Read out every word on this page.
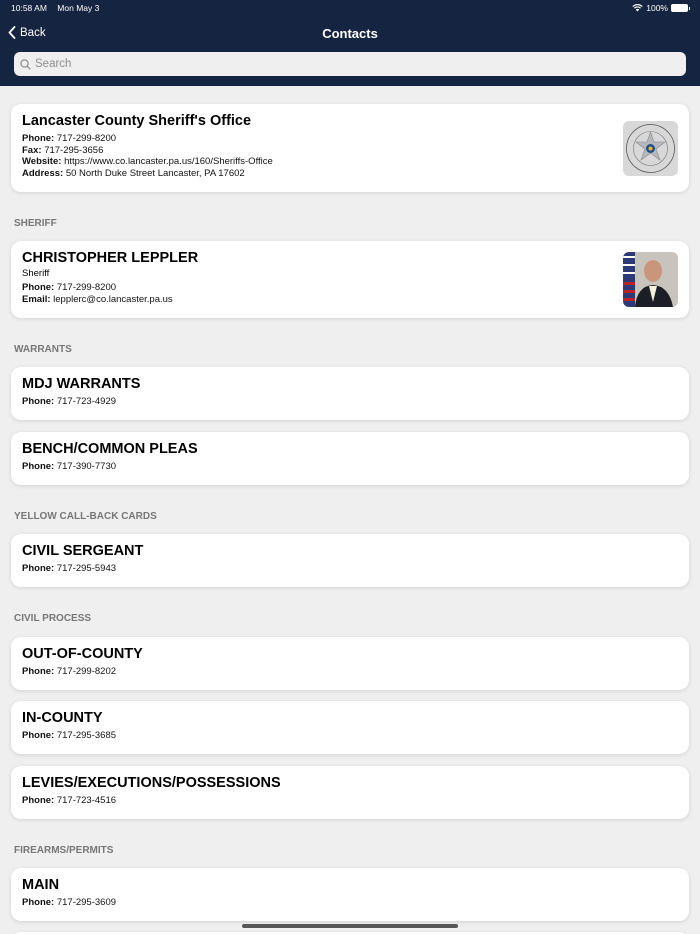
10:58 AM Mon May 3	100%
Back	Contacts
Search
Lancaster County Sheriff's Office
Phone: 717-299-8200
Fax: 717-295-3656
Website: https://www.co.lancaster.pa.us/160/Sheriffs-Office
Address: 50 North Duke Street Lancaster, PA 17602
SHERIFF
CHRISTOPHER LEPPLER
Sheriff
Phone: 717-299-8200
Email: lepplerc@co.lancaster.pa.us
WARRANTS
MDJ WARRANTS
Phone: 717-723-4929
BENCH/COMMON PLEAS
Phone: 717-390-7730
YELLOW CALL-BACK CARDS
CIVIL SERGEANT
Phone: 717-295-5943
CIVIL PROCESS
OUT-OF-COUNTY
Phone: 717-299-8202
IN-COUNTY
Phone: 717-295-3685
LEVIES/EXECUTIONS/POSSESSIONS
Phone: 717-723-4516
FIREARMS/PERMITS
MAIN
Phone: 717-295-3609
